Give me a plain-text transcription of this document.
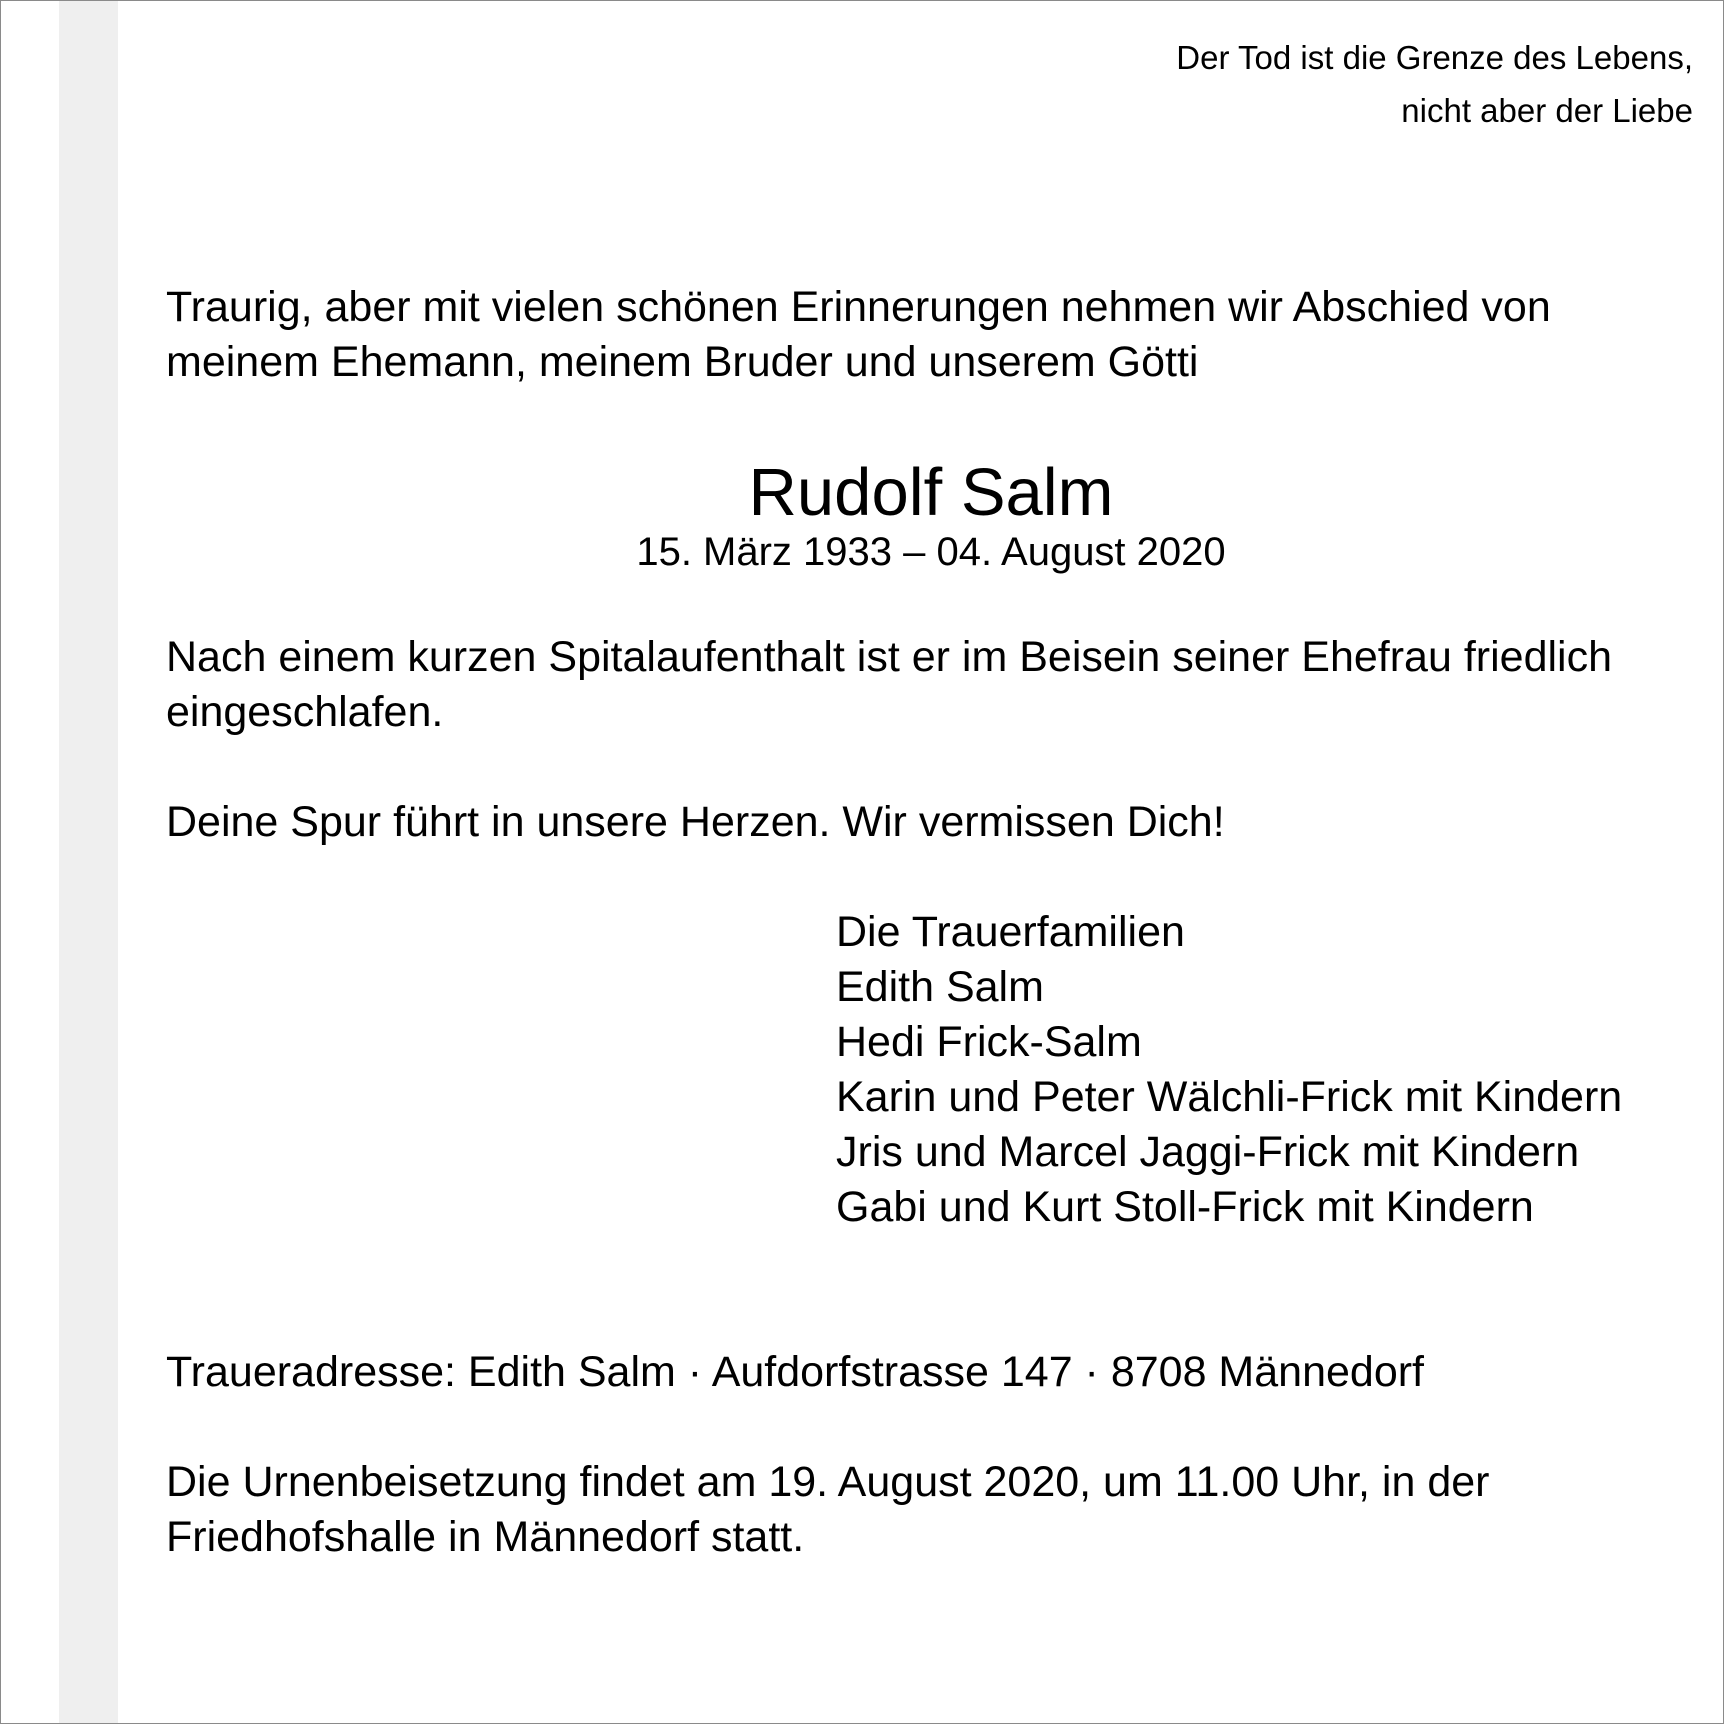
Der Tod ist die Grenze des Lebens,
nicht aber der Liebe

Traurig, aber mit vielen schönen Erinnerungen nehmen wir Abschied von
meinem Ehemann, meinem Bruder und unserem Götti

Rudolf Salm
15. März 1933 – 04. August 2020

Nach einem kurzen Spitalaufenthalt ist er im Beisein seiner Ehefrau friedlich
eingeschlafen.

Deine Spur führt in unsere Herzen. Wir vermissen Dich!

Die Trauerfamilien
Edith Salm
Hedi Frick-Salm
Karin und Peter Wälchli-Frick mit Kindern
Jris und Marcel Jaggi-Frick mit Kindern
Gabi und Kurt Stoll-Frick mit Kindern

Traueradresse: Edith Salm · Aufdorfstrasse 147 · 8708 Männedorf

Die Urnenbeisetzung findet am 19. August 2020, um 11.00 Uhr, in der
Friedhofshalle in Männedorf statt.
